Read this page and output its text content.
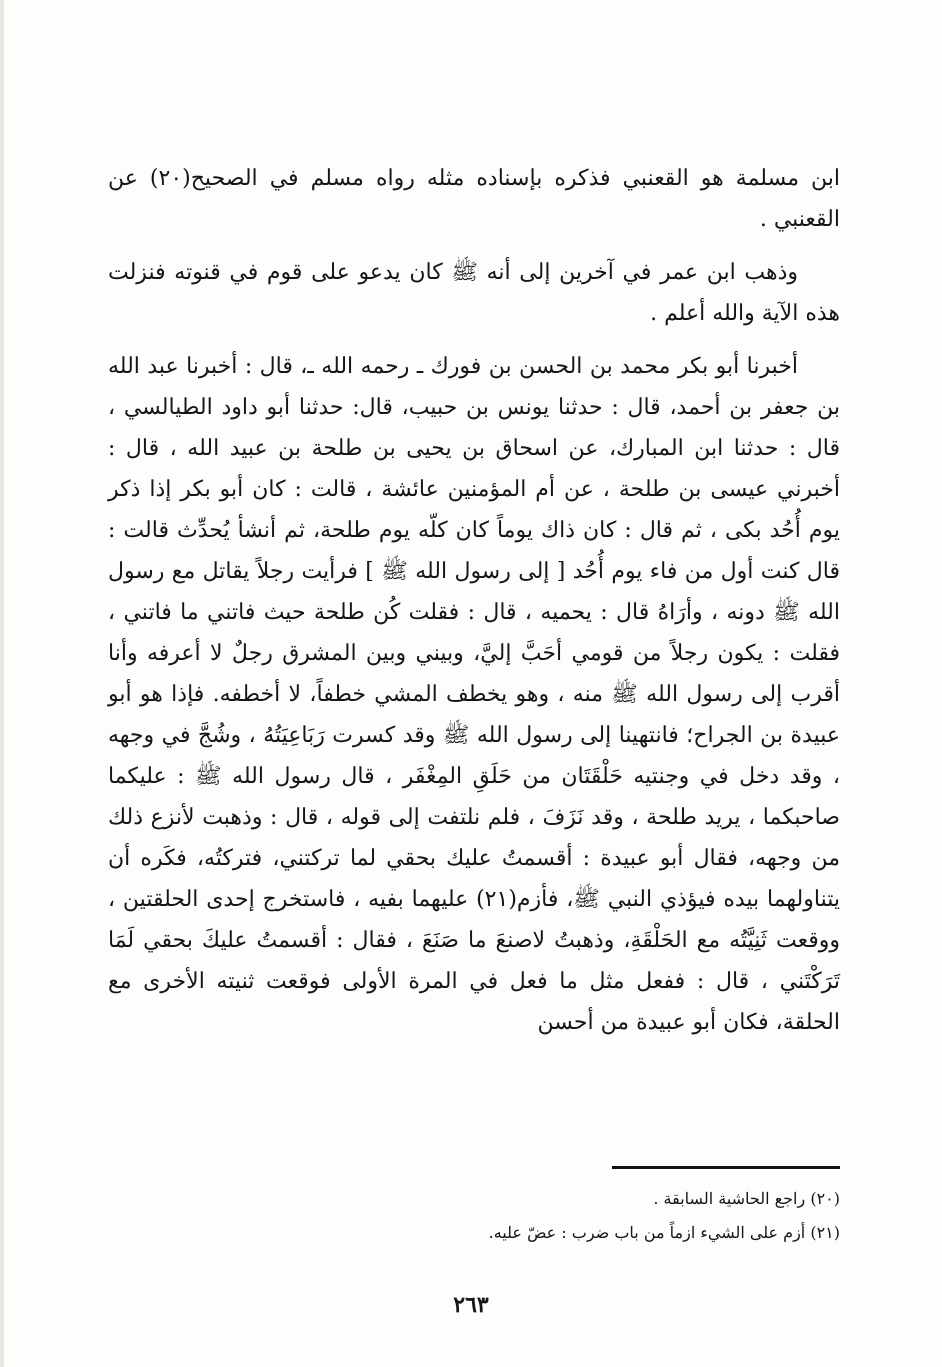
ابن مسلمة هو القعنبي فذكره بإسناده مثله رواه مسلم في الصحيح(٢٠) عن القعنبي .

وذهب ابن عمر في آخرين إلى أنه ﷺ كان يدعو على قوم في قنوته فنزلت هذه الآية والله أعلم .

أخبرنا أبو بكر محمد بن الحسن بن فورك ـ رحمه الله ـ، قال : أخبرنا عبد الله بن جعفر بن أحمد، قال : حدثنا يونس بن حبيب، قال: حدثنا أبو داود الطيالسي ، قال : حدثنا ابن المبارك، عن اسحاق بن يحيى بن طلحة بن عبيد الله ، قال : أخبرني عيسى بن طلحة ، عن أم المؤمنين عائشة ، قالت : كان أبو بكر إذا ذكر يوم أُحُد بكى ، ثم قال : كان ذاك يوماً كان كلّه يوم طلحة، ثم أنشأ يُحدِّث قالت : قال كنت أول من فاء يوم أُحُد [ إلى رسول الله ﷺ ] فرأيت رجلاً يقاتل مع رسول الله ﷺ دونه ، وأرَاهُ قال : يحميه ، قال : فقلت كُن طلحة حيث فاتني ما فاتني ، فقلت : يكون رجلاً من قومي أحَبَّ إليَّ، وبيني وبين المشرق رجلٌ لا أعرفه وأنا أقرب إلى رسول الله ﷺ منه ، وهو يخطف المشي خطفاً، لا أخطفه. فإذا هو أبو عبيدة بن الجراح؛ فانتهينا إلى رسول الله ﷺ وقد كسرت رَبَاعِيَتُهُ ، وشُجَّ في وجهه ، وقد دخل في وجنتيه حَلْقَتَان من حَلَقِ المِغْفَر ، قال رسول الله ﷺ : عليكما صاحبكما ، يريد طلحة ، وقد نَزَفَ ، فلم نلتفت إلى قوله ، قال : وذهبت لأنزع ذلك من وجهه، فقال أبو عبيدة : أقسمتُ عليك بحقي لما تركتني، فتركتُه، فكَره أن يتناولهما بيده فيؤذي النبي ﷺ، فأزم(٢١) عليهما بفيه ، فاستخرج إحدى الحلقتين ، ووقعت ثَنِيَّتُه مع الحَلْقَةِ، وذهبتُ لاصنعَ ما صَنَعَ ، فقال : أقسمتُ عليكَ بحقي لَمَا تَرَكْتَني ، قال : ففعل مثل ما فعل في المرة الأولى فوقعت ثنيته الأخرى مع الحلقة، فكان أبو عبيدة من أحسن

(٢٠) راجع الحاشية السابقة .

(٢١) أزم على الشيء ازماً من باب ضرب : عضّ عليه.

٢٦٣
